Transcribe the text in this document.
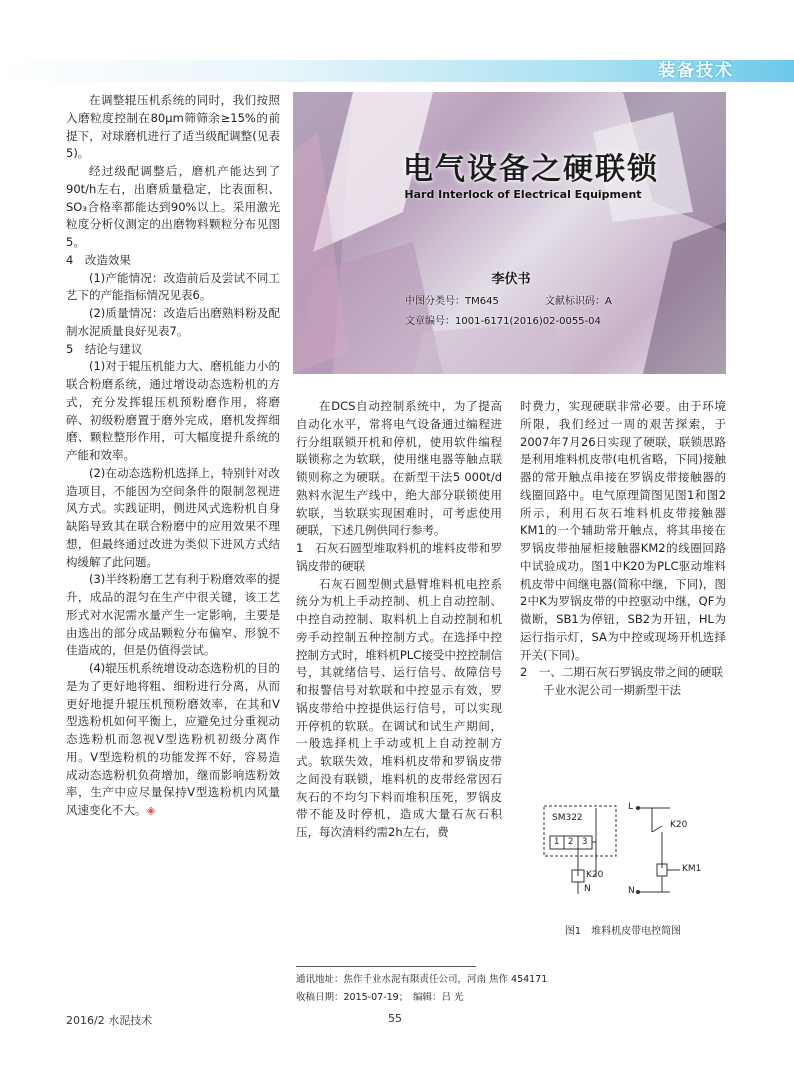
装备技术

在调整辊压机系统的同时，我们按照入磨粒度控制在80μm筛筛余≥15%的前提下，对球磨机进行了适当级配调整(见表5)。

经过级配调整后，磨机产能达到了90t/h左右，出磨质量稳定，比表面积、SO₃合格率都能达到90%以上。采用激光粒度分析仪测定的出磨物料颗粒分布见图5。

4　改造效果

(1)产能情况：改造前后及尝试不同工艺下的产能指标情况见表6。

(2)质量情况：改造后出磨熟料粉及配制水泥质量良好见表7。

5　结论与建议

(1)对于辊压机能力大、磨机能力小的联合粉磨系统，通过增设动态选粉机的方式，充分发挥辊压机预粉磨作用，将磨碎、初级粉磨置于磨外完成，磨机发挥细磨、颗粒整形作用，可大幅度提升系统的产能和效率。

(2)在动态选粉机选择上，特别针对改造项目，不能因为空间条件的限制忽视进风方式。实践证明，侧进风式选粉机自身缺陷导致其在联合粉磨中的应用效果不理想，但最终通过改进为类似下进风方式结构缓解了此问题。

(3)半终粉磨工艺有利于粉磨效率的提升，成品的混匀在生产中很关键，该工艺形式对水泥需水量产生一定影响，主要是由选出的部分成品颗粒分布偏窄、形貌不佳造成的，但是仍值得尝试。

(4)辊压机系统增设动态选粉机的目的是为了更好地将粗、细粉进行分离，从而更好地提升辊压机预粉磨效率，在其和V型选粉机如何平衡上，应避免过分重视动态选粉机而忽视V型选粉机初级分离作用。V型选粉机的功能发挥不好，容易造成动态选粉机负荷增加，继而影响选粉效率，生产中应尽量保持V型选粉机内风量风速变化不大。◈

电气设备之硬联锁
Hard Interlock of Electrical Equipment
李伏书
中图分类号：TM645	文献标识码：A
文章编号：1001-6171(2016)02-0055-04

在DCS自动控制系统中，为了提高自动化水平，常将电气设备通过编程进行分组联锁开机和停机，使用软件编程联锁称之为软联，使用继电器等触点联锁则称之为硬联。在新型干法5 000t/d熟料水泥生产线中，绝大部分联锁使用软联，当软联实现困难时，可考虑使用硬联，下述几例供同行参考。

1　石灰石圆型堆取料机的堆料皮带和罗锅皮带的硬联

石灰石圆型侧式悬臂堆料机电控系统分为机上手动控制、机上自动控制、中控自动控制、取料机上自动控制和机旁手动控制五种控制方式。在选择中控控制方式时，堆料机PLC接受中控控制信号，其就绪信号、运行信号、故障信号和报警信号对软联和中控显示有效，罗锅皮带给中控提供运行信号，可以实现开停机的软联。在调试和试生产期间，一般选择机上手动或机上自动控制方式。软联失效，堆料机皮带和罗锅皮带之间没有联锁，堆料机的皮带经常因石灰石的不均匀下料而堆积压死，罗锅皮带不能及时停机，造成大量石灰石积压，每次清料约需2h左右，费

时费力，实现硬联非常必要。由于环境所限，我们经过一周的艰苦探索，于2007年7月26日实现了硬联，联锁思路是利用堆料机皮带(电机省略，下同)接触器的常开触点串接在罗锅皮带接触器的线圈回路中。电气原理简图见图1和图2所示，利用石灰石堆料机皮带接触器KM1的一个辅助常开触点，将其串接在罗锅皮带抽屉柜接触器KM2的线圈回路中试验成功。图1中K20为PLC驱动堆料机皮带中间继电器(简称中继，下同)，图2中K为罗锅皮带的中控驱动中继，QF为微断，SB1为停钮，SB2为开钮，HL为运行指示灯，SA为中控或现场开机选择开关(下同)。

2　一、二期石灰石罗锅皮带之间的硬联

千业水泥公司一期新型干法

SM322
1 2 3
K20
N
L
K20
KM1
N
图1　堆料机皮带电控简图
通讯地址：焦作千业水泥有限责任公司，河南 焦作 454171
收稿日期：2015-07-19；　编辑：吕 光
2016/2 水泥技术	55
